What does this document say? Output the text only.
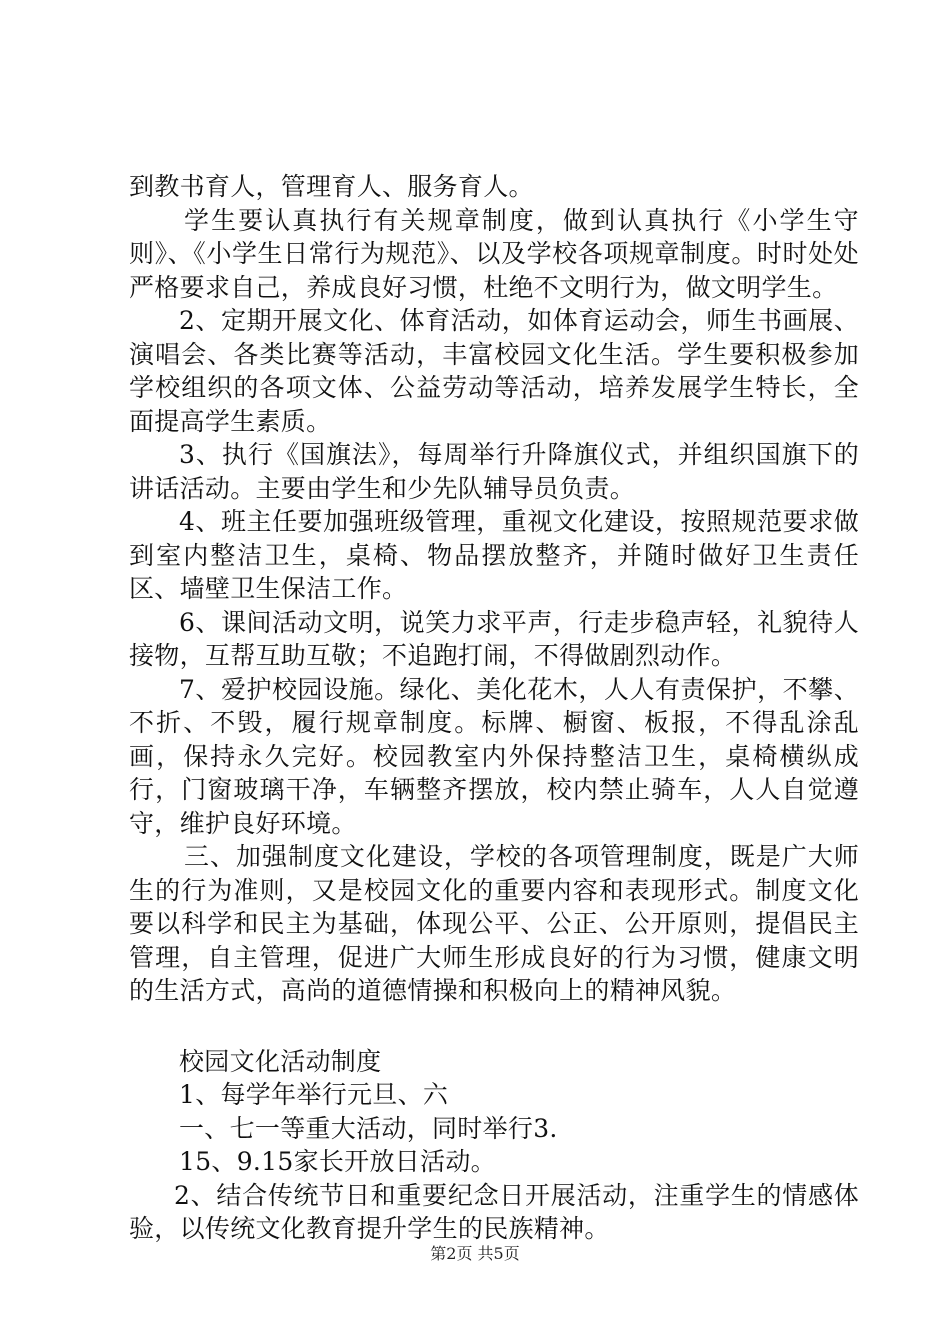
到教书育人，管理育人、服务育人。

学生要认真执行有关规章制度，做到认真执行《小学生守则》、《小学生日常行为规范》、以及学校各项规章制度。时时处处严格要求自己，养成良好习惯，杜绝不文明行为，做文明学生。

2、定期开展文化、体育活动，如体育运动会，师生书画展、演唱会、各类比赛等活动，丰富校园文化生活。学生要积极参加学校组织的各项文体、公益劳动等活动，培养发展学生特长，全面提高学生素质。

3、执行《国旗法》，每周举行升降旗仪式，并组织国旗下的讲话活动。主要由学生和少先队辅导员负责。

4、班主任要加强班级管理，重视文化建设，按照规范要求做到室内整洁卫生，桌椅、物品摆放整齐，并随时做好卫生责任区、墙壁卫生保洁工作。

6、课间活动文明，说笑力求平声，行走步稳声轻，礼貌待人接物，互帮互助互敬；不追跑打闹，不得做剧烈动作。

7、爱护校园设施。绿化、美化花木，人人有责保护，不攀、不折、不毁，履行规章制度。标牌、橱窗、板报，不得乱涂乱画，保持永久完好。校园教室内外保持整洁卫生，桌椅横纵成行，门窗玻璃干净，车辆整齐摆放，校内禁止骑车，人人自觉遵守，维护良好环境。

三、加强制度文化建设，学校的各项管理制度，既是广大师生的行为准则，又是校园文化的重要内容和表现形式。制度文化要以科学和民主为基础，体现公平、公正、公开原则，提倡民主管理，自主管理，促进广大师生形成良好的行为习惯，健康文明的生活方式，高尚的道德情操和积极向上的精神风貌。

校园文化活动制度

1、每学年举行元旦、六

一、七一等重大活动，同时举行3.

15、9.15家长开放日活动。

2、结合传统节日和重要纪念日开展活动，注重学生的情感体验，以传统文化教育提升学生的民族精神。

第2页 共5页
